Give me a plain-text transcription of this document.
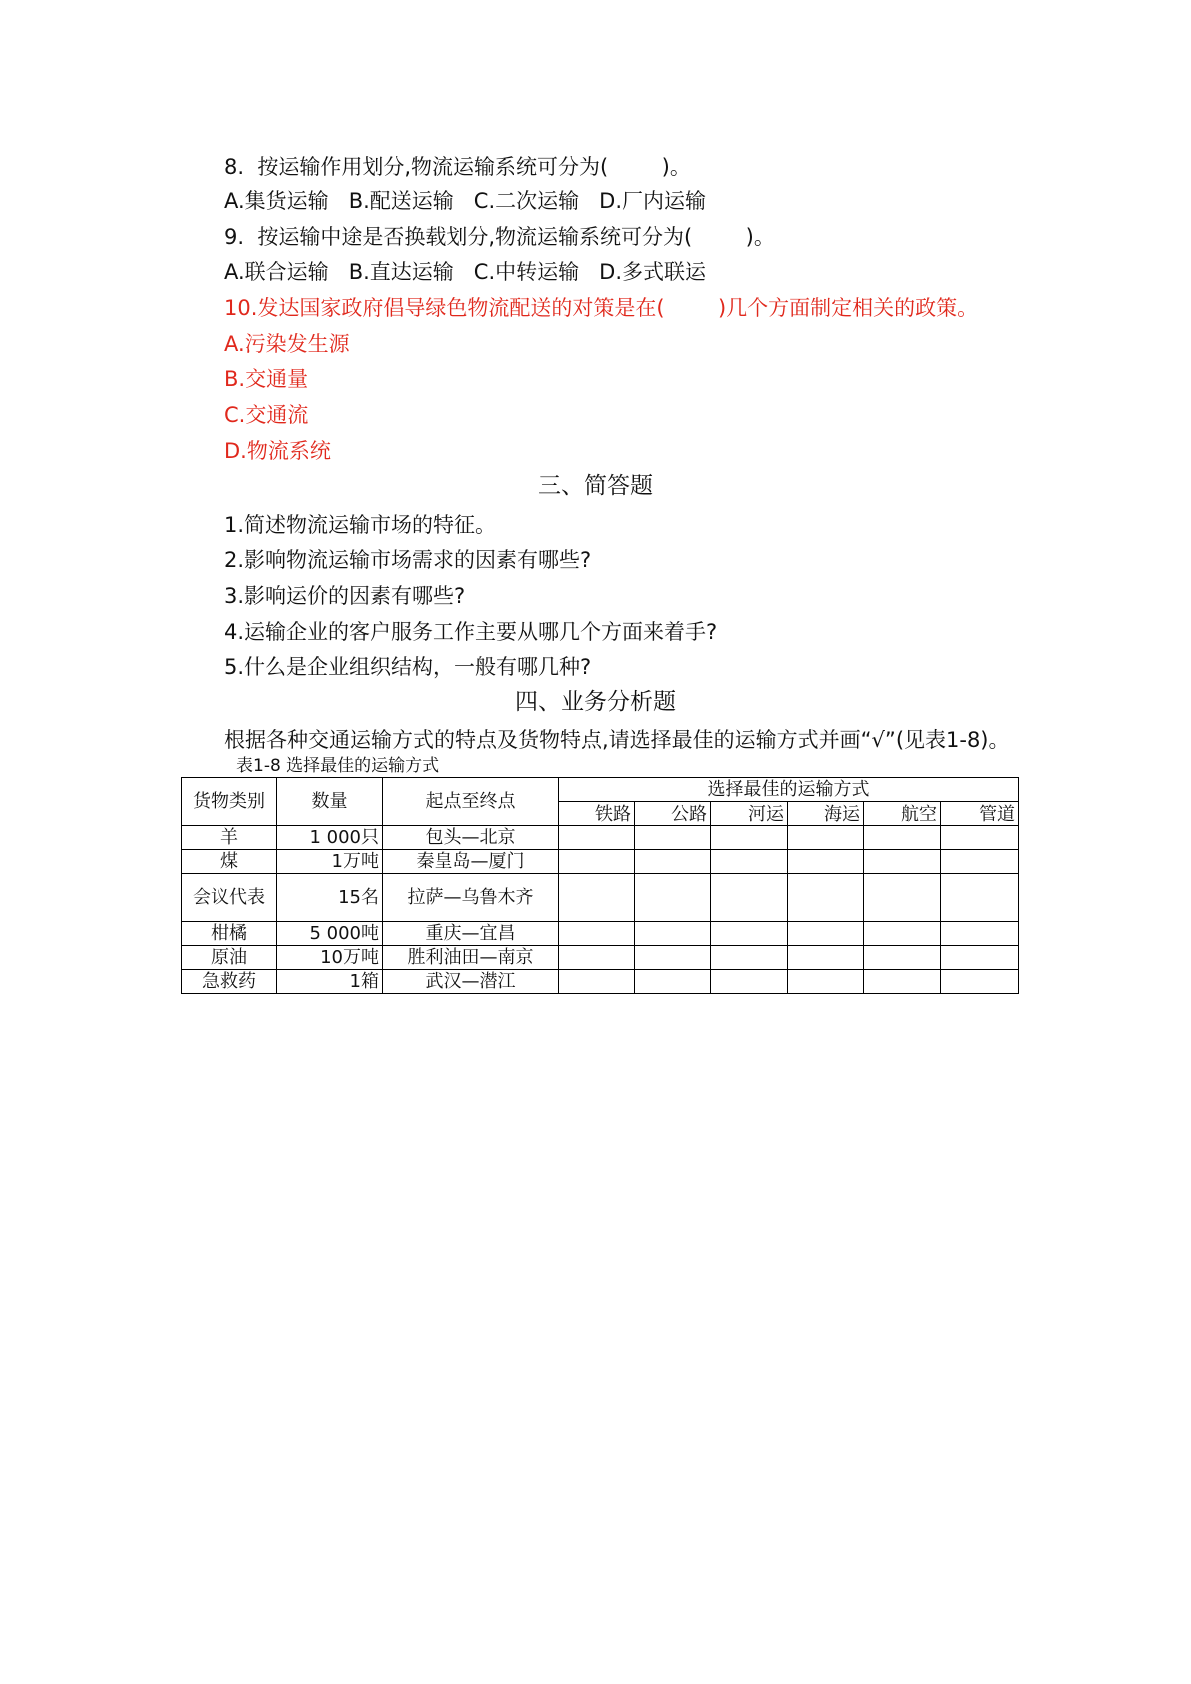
8.  按运输作用划分,物流运输系统可分为(        )。
A.集货运输   B.配送运输   C.二次运输   D.厂内运输
9.  按运输中途是否换载划分,物流运输系统可分为(        )。
A.联合运输   B.直达运输   C.中转运输   D.多式联运
10.发达国家政府倡导绿色物流配送的对策是在(        )几个方面制定相关的政策。
A.污染发生源
B.交通量
C.交通流
D.物流系统
三、简答题
1.简述物流运输市场的特征。
2.影响物流运输市场需求的因素有哪些?
3.影响运价的因素有哪些?
4.运输企业的客户服务工作主要从哪几个方面来着手?
5.什么是企业组织结构，一般有哪几种?
四、业务分析题
根据各种交通运输方式的特点及货物特点,请选择最佳的运输方式并画“√”(见表1-8)。
表1-8 选择最佳的运输方式
货物类别	数量	起点至终点	选择最佳的运输方式					
			铁路	公路	河运	海运	航空	管道
羊	1 000只	包头—北京						
煤	1万吨	秦皇岛—厦门						
会议代表	15名	拉萨—乌鲁木齐						
柑橘	5 000吨	重庆—宜昌						
原油	10万吨	胜利油田—南京						
急救药	1箱	武汉—潜江						
